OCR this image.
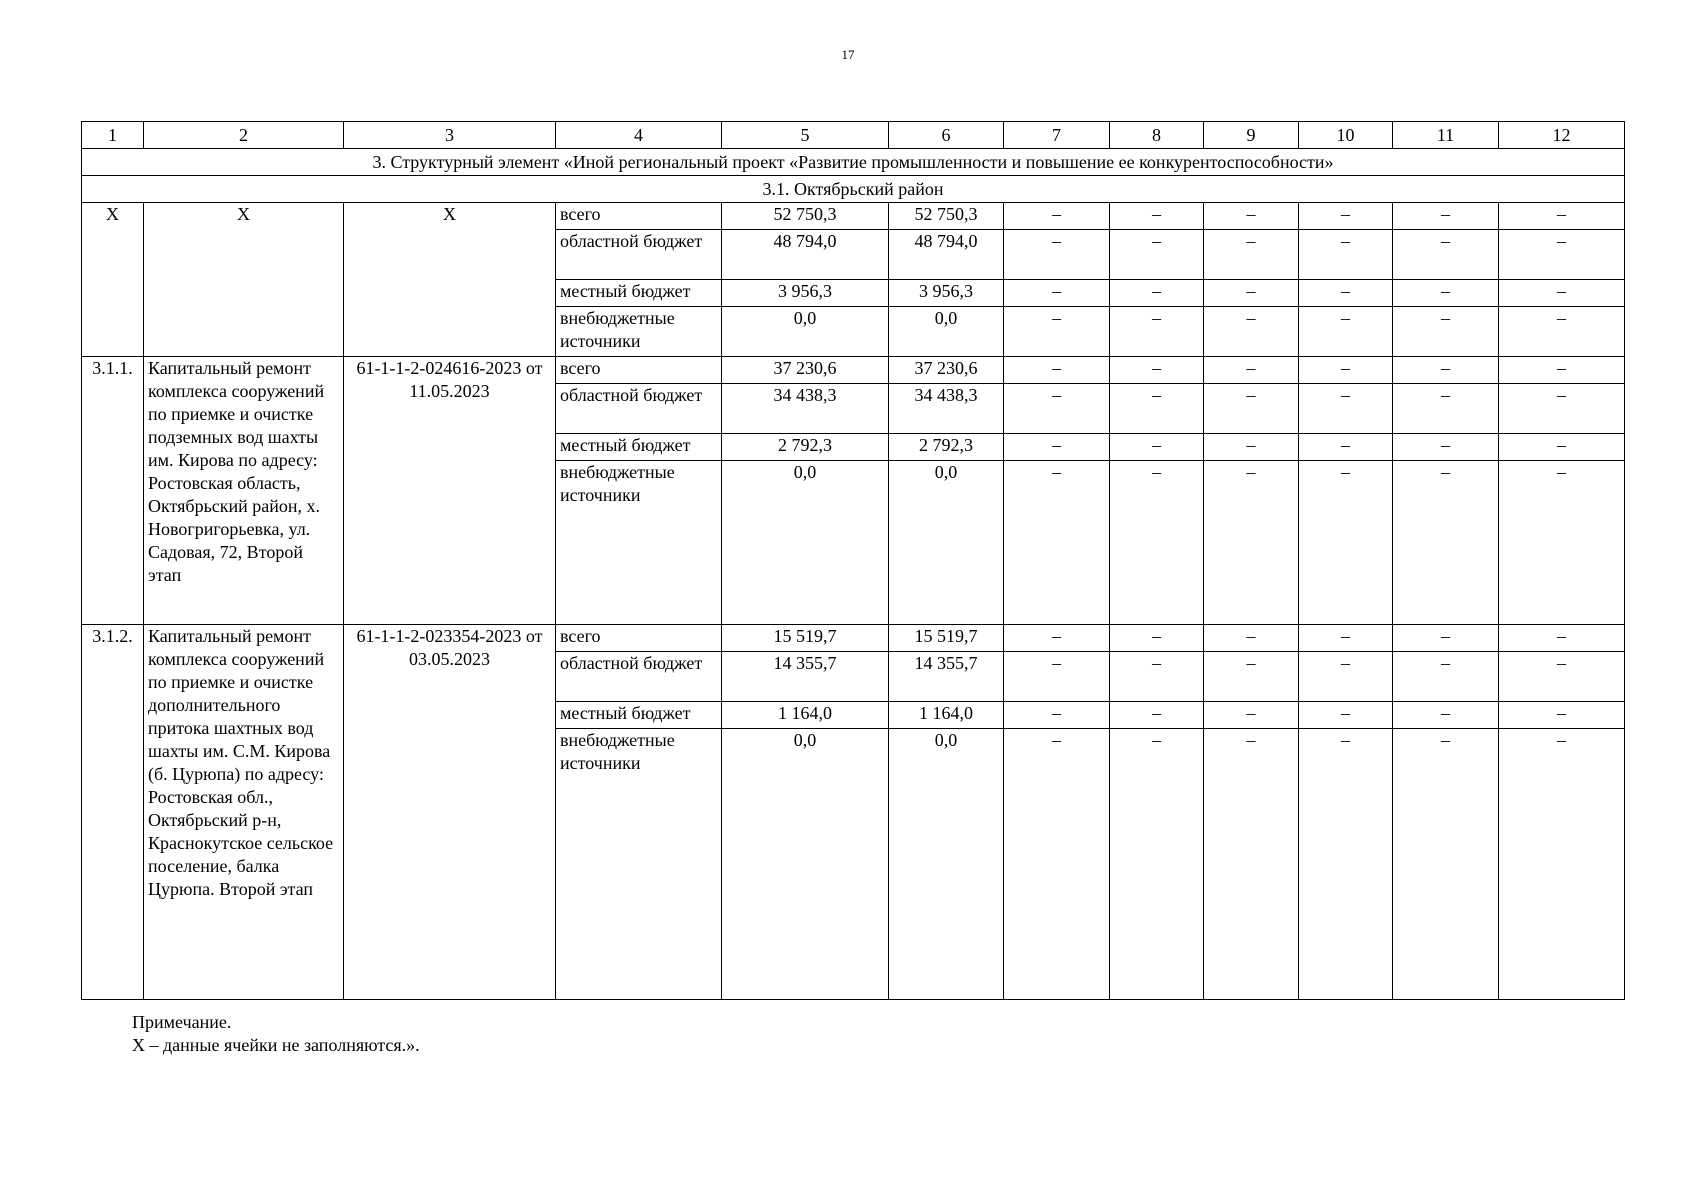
17
1	2	3	4	5	6	7	8	9	10	11	12
3. Структурный элемент «Иной региональный проект «Развитие промышленности и повышение ее конкурентоспособности»											
3.1. Октябрьский район											
Х	Х	Х	всего	52 750,3	52 750,3	–	–	–	–	–	–
			областной бюджет	48 794,0	48 794,0	–	–	–	–	–	–
			местный бюджет	3 956,3	3 956,3	–	–	–	–	–	–
			внебюджетные источники	0,0	0,0	–	–	–	–	–	–
3.1.1.	Капитальный ремонт комплекса сооружений по приемке и очистке подземных вод шахты им. Кирова по адресу: Ростовская область, Октябрьский район, х. Новогригорьевка, ул. Садовая, 72, Второй этап	61-1-1-2-024616-2023 от 11.05.2023	всего	37 230,6	37 230,6	–	–	–	–	–	–
			областной бюджет	34 438,3	34 438,3	–	–	–	–	–	–
			местный бюджет	2 792,3	2 792,3	–	–	–	–	–	–
			внебюджетные источники	0,0	0,0	–	–	–	–	–	–
3.1.2.	Капитальный ремонт комплекса сооружений по приемке и очистке дополнительного притока шахтных вод шахты им. С.М. Кирова (б. Цурюпа) по адресу: Ростовская обл., Октябрьский р-н, Краснокутское сельское поселение, балка Цурюпа. Второй этап	61-1-1-2-023354-2023 от 03.05.2023	всего	15 519,7	15 519,7	–	–	–	–	–	–
			областной бюджет	14 355,7	14 355,7	–	–	–	–	–	–
			местный бюджет	1 164,0	1 164,0	–	–	–	–	–	–
			внебюджетные источники	0,0	0,0	–	–	–	–	–	–
Примечание.
Х – данные ячейки не заполняются.».
